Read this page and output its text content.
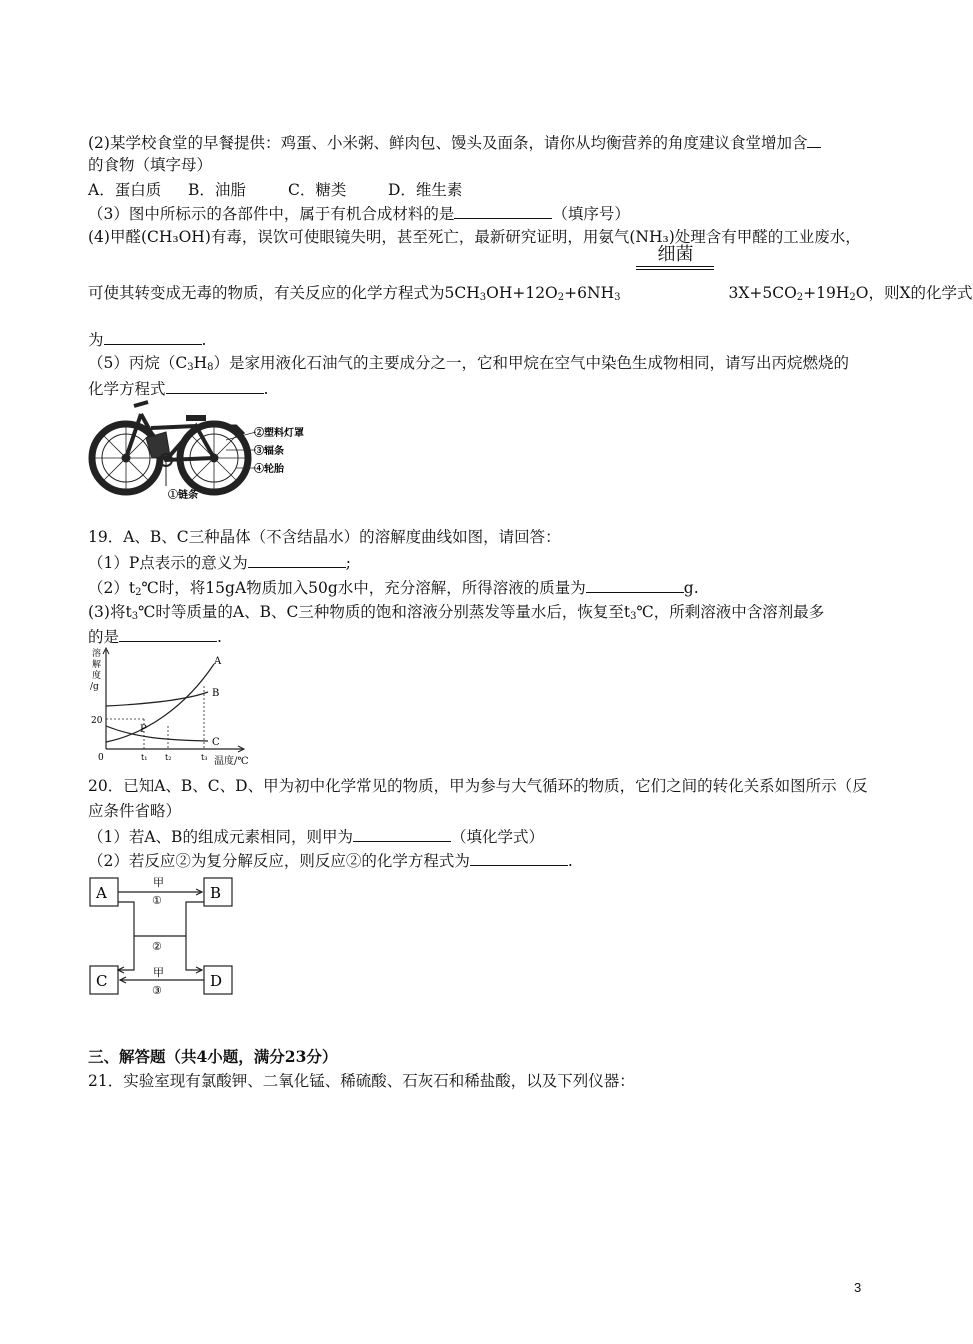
(2)某学校食堂的早餐提供：鸡蛋、小米粥、鲜肉包、馒头及面条，请你从均衡营养的角度建议食堂增加含
的食物（填字母）
A．蛋白质 B．油脂	C．糖类	D．维生素
（3）图中所标示的各部件中，属于有机合成材料的是	（填序号）
(4)甲醛(CH₃OH)有毒，误饮可使眼镜失明，甚至死亡，最新研究证明，用氨气(NH₃)处理含有甲醛的工业废水，
可使其转变成无毒的物质，有关反应的化学方程式为$5CH_3OH+12O_2+6NH_3$
细菌
$3X+5CO_2+19H_2O$，则X的化学式
为	.
（5）丙烷$(C_3H_8)$是家用液化石油气的主要成分之一，它和甲烷在空气中染色生成物相同，请写出丙烷燃烧的
化学方程式	.
②塑料灯罩
③辐条
④轮胎
①链条
19．A、B、C三种晶体（不含结晶水）的溶解度曲线如图，请回答：
（1）P点表示的意义为	;
$(2)t_2℃$时，将15gA物质加入50g水中，充分溶解，所得溶液的质量为	g.
(3)将$t_3℃$时等质量的A、B、C三种物质的饱和溶液分别蒸发等量水后，恢复至$t_3℃$，所剩溶液中含溶剂最多
的是	.
溶解度/g
20
0	t₁ t₂	t₃ 温度/℃
A
B
C
P
20．已知A、B、C、D、甲为初中化学常见的物质，甲为参与大气循环的物质，它们之间的转化关系如图所示（反
应条件省略）
（1）若A、B的组成元素相同，则甲为	（填化学式）
（2）若反应②为复分解反应，则反应②的化学方程式为	.
A	B
C	D
甲
①
②
甲
③
三、解答题（共4小题，满分23分）
21．实验室现有氯酸钾、二氧化锰、稀硫酸、石灰石和稀盐酸，以及下列仪器：
3
